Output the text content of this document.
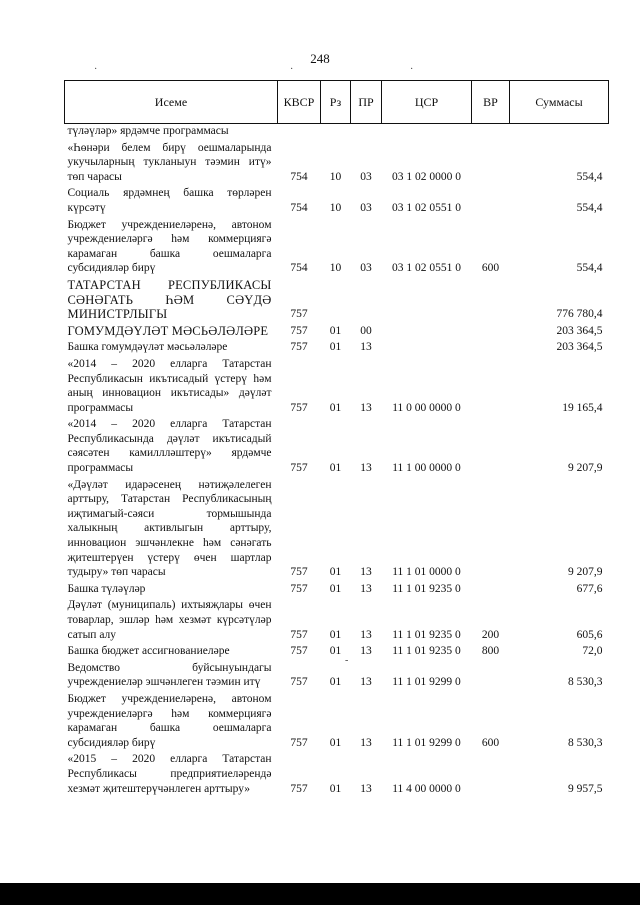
248
·	·	·
-
Исеме	КВСР	Рз	ПР	ЦСР	ВР	Суммасы
түләүләр» ярдәмче программасы						
«Һөнәри белем бирү оешмаларында укучыларның тукланыун тәэмин итү» төп чарасы	754	10	03	03 1 02 0000 0		554,4
Социаль ярдәмнең башка төрләрен күрсәтү	754	10	03	03 1 02 0551 0		554,4
Бюджет учреждениеләренә, автоном учреждениеләргә һәм коммерциягә карамаган башка оешмаларга субсидияләр бирү	754	10	03	03 1 02 0551 0	600	554,4
ТАТАРСТАН РЕСПУБЛИКАСЫ СӘНӘГАТЬ ҺӘМ СӘҮДӘ МИНИСТРЛЫГЫ	757					776 780,4
ГОМУМДӘҮЛӘТ МӘСЬӘЛӘЛӘРЕ	757	01	00			203 364,5
Башка гомумдәүләт мәсьәләләре	757	01	13			203 364,5
«2014 – 2020 елларга Татарстан Республикасын икътисадый үстерү һәм аның инновацион икътисады» дәүләт программасы	757	01	13	11 0 00 0000 0		19 165,4
«2014 – 2020 елларга Татарстан Республикасында дәүләт икътисадый сәясәтен камиллләштерү» ярдәмче программасы	757	01	13	11 1 00 0000 0		9 207,9
«Дәүләт идарәсенең нәтиҗәлелеген арттыру, Татарстан Республикасының иҗтимагый-сәяси тормышында халыкның активлыгын арттыру, инновацион эшчәнлекне һәм сәнәгать җитештерүен үстерү өчен шартлар тудыру» төп чарасы	757	01	13	11 1 01 0000 0		9 207,9
Башка түләүләр	757	01	13	11 1 01 9235 0		677,6
Дәүләт (муниципаль) ихтыяҗлары өчен товарлар, эшләр һәм хезмәт күрсәтүләр сатып алу	757	01	13	11 1 01 9235 0	200	605,6
Башка бюджет ассигнованиеләре	757	01	13	11 1 01 9235 0	800	72,0
Ведомство буйсынуындагы учреждениеләр эшчәнлеген тәэмин итү	757	01	13	11 1 01 9299 0		8 530,3
Бюджет учреждениеләренә, автоном учреждениеләргә һәм коммерциягә карамаган башка оешмаларга субсидияләр бирү	757	01	13	11 1 01 9299 0	600	8 530,3
«2015 – 2020 елларга Татарстан Республикасы предприятиеләрендә хезмәт җитештерүчәнлеген арттыру»	757	01	13	11 4 00 0000 0		9 957,5
